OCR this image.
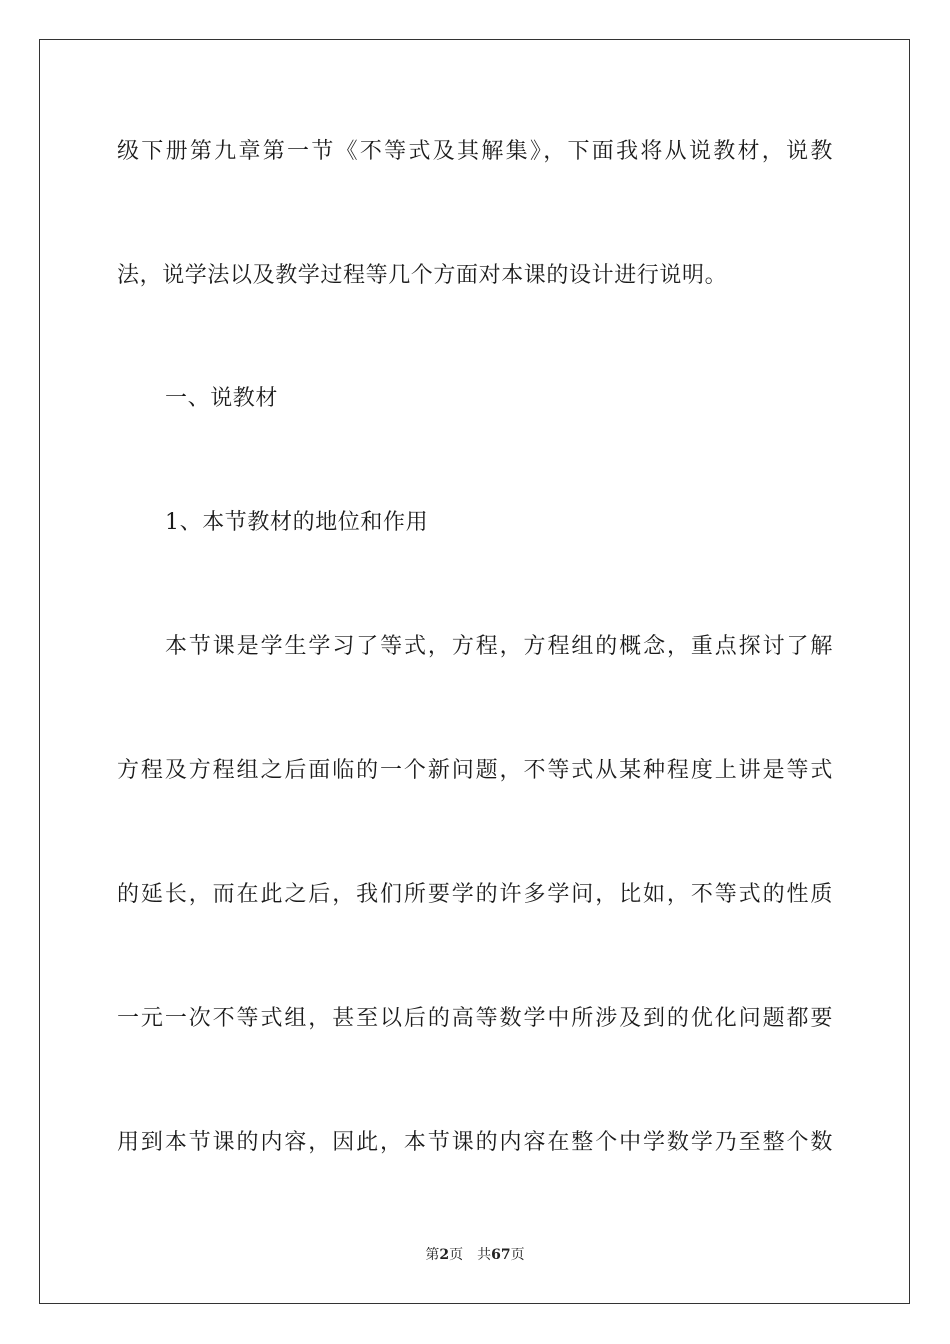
级下册第九章第一节《不等式及其解集》，下面我将从说教材，说教
法，说学法以及教学过程等几个方面对本课的设计进行说明。
一、说教材
1、本节教材的地位和作用
本节课是学生学习了等式，方程，方程组的概念，重点探讨了解
方程及方程组之后面临的一个新问题，不等式从某种程度上讲是等式
的延长，而在此之后，我们所要学的许多学问，比如，不等式的性质
一元一次不等式组，甚至以后的高等数学中所涉及到的优化问题都要
用到本节课的内容，因此，本节课的内容在整个中学数学乃至整个数
第2页 共67页
